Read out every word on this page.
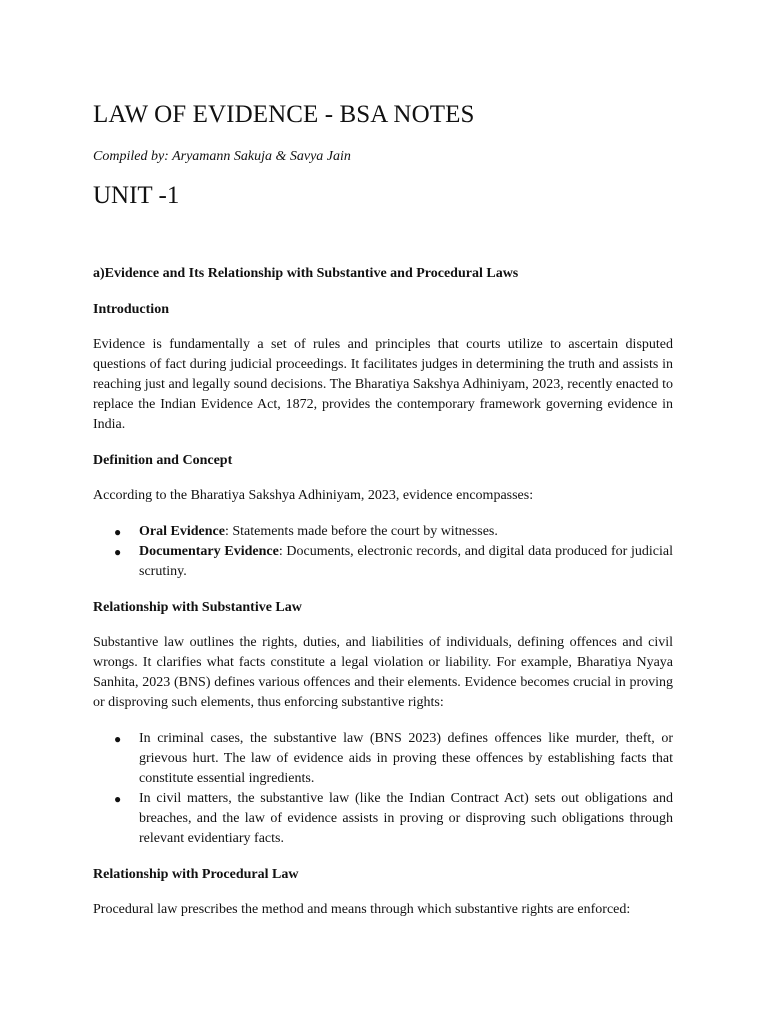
LAW OF EVIDENCE - BSA NOTES

Compiled by: Aryamann Sakuja & Savya Jain

UNIT -1
a)Evidence and Its Relationship with Substantive and Procedural Laws
Introduction

Evidence is fundamentally a set of rules and principles that courts utilize to ascertain disputed questions of fact during judicial proceedings. It facilitates judges in determining the truth and assists in reaching just and legally sound decisions. The Bharatiya Sakshya Adhiniyam, 2023, recently enacted to replace the Indian Evidence Act, 1872, provides the contemporary framework governing evidence in India.

Definition and Concept

According to the Bharatiya Sakshya Adhiniyam, 2023, evidence encompasses:

● Oral Evidence: Statements made before the court by witnesses.
● Documentary Evidence: Documents, electronic records, and digital data produced for judicial scrutiny.
Relationship with Substantive Law

Substantive law outlines the rights, duties, and liabilities of individuals, defining offences and civil wrongs. It clarifies what facts constitute a legal violation or liability. For example, Bharatiya Nyaya Sanhita, 2023 (BNS) defines various offences and their elements. Evidence becomes crucial in proving or disproving such elements, thus enforcing substantive rights:

● In criminal cases, the substantive law (BNS 2023) defines offences like murder, theft, or grievous hurt. The law of evidence aids in proving these offences by establishing facts that constitute essential ingredients.
● In civil matters, the substantive law (like the Indian Contract Act) sets out obligations and breaches, and the law of evidence assists in proving or disproving such obligations through relevant evidentiary facts.
Relationship with Procedural Law

Procedural law prescribes the method and means through which substantive rights are enforced:
